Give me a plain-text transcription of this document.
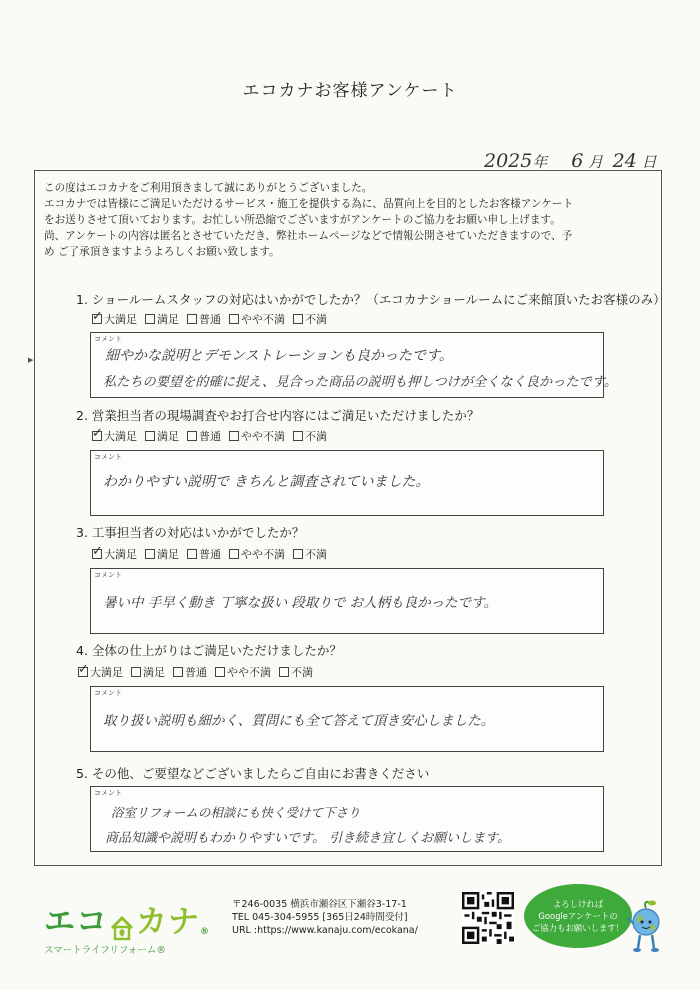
エコカナお客様アンケート
2025年 6 月 24 日
▶
この度はエコカナをご利用頂きまして誠にありがとうございました。
エコカナでは皆様にご満足いただけるサービス・施工を提供する為に、品質向上を目的としたお客様アンケート
をお送りさせて頂いております。お忙しい所恐縮でございますがアンケートのご協力をお願い申し上げます。
尚、アンケートの内容は匿名とさせていただき、弊社ホームページなどで情報公開させていただきますので、予
め ご了承頂きますようよろしくお願い致します。
1. ショールームスタッフの対応はいかがでしたか？（エコカナショールームにご来館頂いたお客様のみ）
✓
大満足 満足 普通 やや不満 不満
コメント
細やかな説明とデモンストレーションも良かったです。
私たちの要望を的確に捉え、見合った商品の説明も押しつけが全くなく良かったです。
2. 営業担当者の現場調査やお打合せ内容にはご満足いただけましたか？
✓
大満足 満足 普通 やや不満 不満
コメント
わかりやすい説明で きちんと調査されていました。
3. 工事担当者の対応はいかがでしたか？
✓
大満足 満足 普通 やや不満 不満
コメント
暑い中 手早く動き 丁寧な扱い 段取りで お人柄も良かったです。
4. 全体の仕上がりはご満足いただけましたか？
✓
大満足 満足 普通 やや不満 不満
コメント
取り扱い説明も細かく、質問にも全て答えて頂き安心しました。
5. その他、ご要望などございましたらご自由にお書きください
コメント
浴室リフォームの相談にも快く受けて下さり
商品知識や説明もわかりやすいです。 引き続き宜しくお願いします。
エコ カナ ®
スマートライフリフォーム®
〒246-0035 横浜市瀬谷区下瀬谷3-17-1
TEL 045-304-5955 [365日24時間受付]
URL :https://www.kanaju.com/ecokana/
よろしければ
Googleアンケートの
ご協力もお願いします！
